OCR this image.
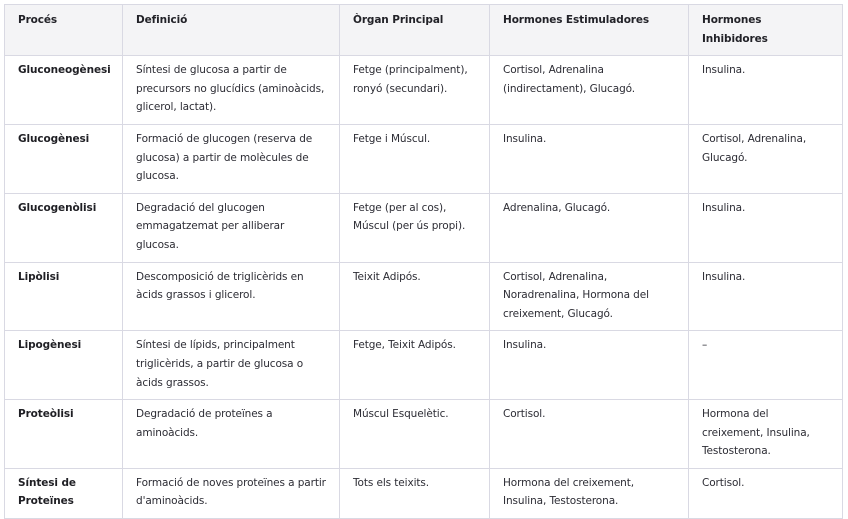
Procés	Definició	Òrgan Principal	Hormones Estimuladores	Hormones Inhibidores
Gluconeogènesi	Síntesi de glucosa a partir de precursors no glucídics (aminoàcids, glicerol, lactat).	Fetge (principalment), ronyó (secundari).	Cortisol, Adrenalina (indirectament), Glucagó.	Insulina.
Glucogènesi	Formació de glucogen (reserva de glucosa) a partir de molècules de glucosa.	Fetge i Múscul.	Insulina.	Cortisol, Adrenalina, Glucagó.
Glucogenòlisi	Degradació del glucogen emmagatzemat per alliberar glucosa.	Fetge (per al cos), Múscul (per ús propi).	Adrenalina, Glucagó.	Insulina.
Lipòlisi	Descomposició de triglicèrids en àcids grassos i glicerol.	Teixit Adipós.	Cortisol, Adrenalina, Noradrenalina, Hormona del creixement, Glucagó.	Insulina.
Lipogènesi	Síntesi de lípids, principalment triglicèrids, a partir de glucosa o àcids grassos.	Fetge, Teixit Adipós.	Insulina.	–
Proteòlisi	Degradació de proteïnes a aminoàcids.	Múscul Esquelètic.	Cortisol.	Hormona del creixement, Insulina, Testosterona.
Síntesi de Proteïnes	Formació de noves proteïnes a partir d'aminoàcids.	Tots els teixits.	Hormona del creixement, Insulina, Testosterona.	Cortisol.
